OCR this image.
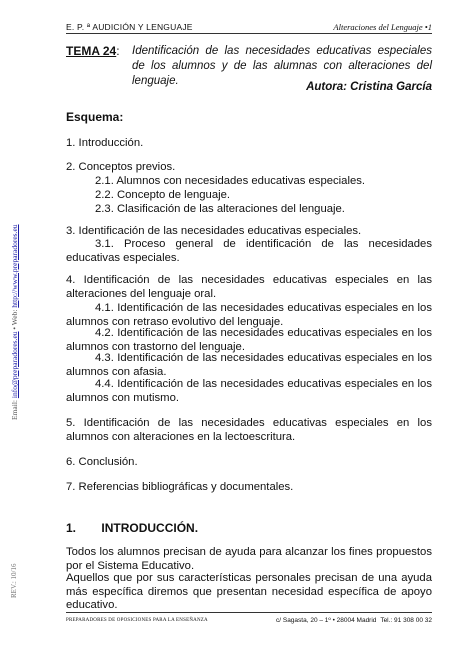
E. P. ª AUDICIÓN Y LENGUAJE	Alteraciones del Lenguaje •1
TEMA 24: Identificación de las necesidades educativas especiales de los alumnos y de las alumnas con alteraciones del lenguaje.	Autora: Cristina García
Esquema:
1. Introducción.
2. Conceptos previos.
2.1. Alumnos con necesidades educativas especiales.
2.2. Concepto de lenguaje.
2.3. Clasificación de las alteraciones del lenguaje.
3. Identificación de las necesidades educativas especiales.
3.1. Proceso general de identificación de las necesidades educativas especiales.
4. Identificación de las necesidades educativas especiales en las alteraciones del lenguaje oral.
4.1. Identificación de las necesidades educativas especiales en los alumnos con retraso evolutivo del lenguaje.
4.2. Identificación de las necesidades educativas especiales en los alumnos con trastorno del lenguaje.
4.3. Identificación de las necesidades educativas especiales en los alumnos con afasia.
4.4. Identificación de las necesidades educativas especiales en los alumnos con mutismo.
5. Identificación de las necesidades educativas especiales en los alumnos con alteraciones en la lectoescritura.
6. Conclusión.
7. Referencias bibliográficas y documentales.
1. INTRODUCCIÓN.
Todos los alumnos precisan de ayuda para alcanzar los fines propuestos por el Sistema Educativo.
Aquellos que por sus características personales precisan de una ayuda más específica diremos que presentan necesidad específica de apoyo educativo.
Email: info@preparadores.eu • Web: http://www.preparadores.eu
REV.: 10/16
PREPARADORES DE OPOSICIONES PARA LA ENSEÑANZA	c/ Sagasta, 20 – 1º • 28004 Madrid Tel.: 91 308 00 32
